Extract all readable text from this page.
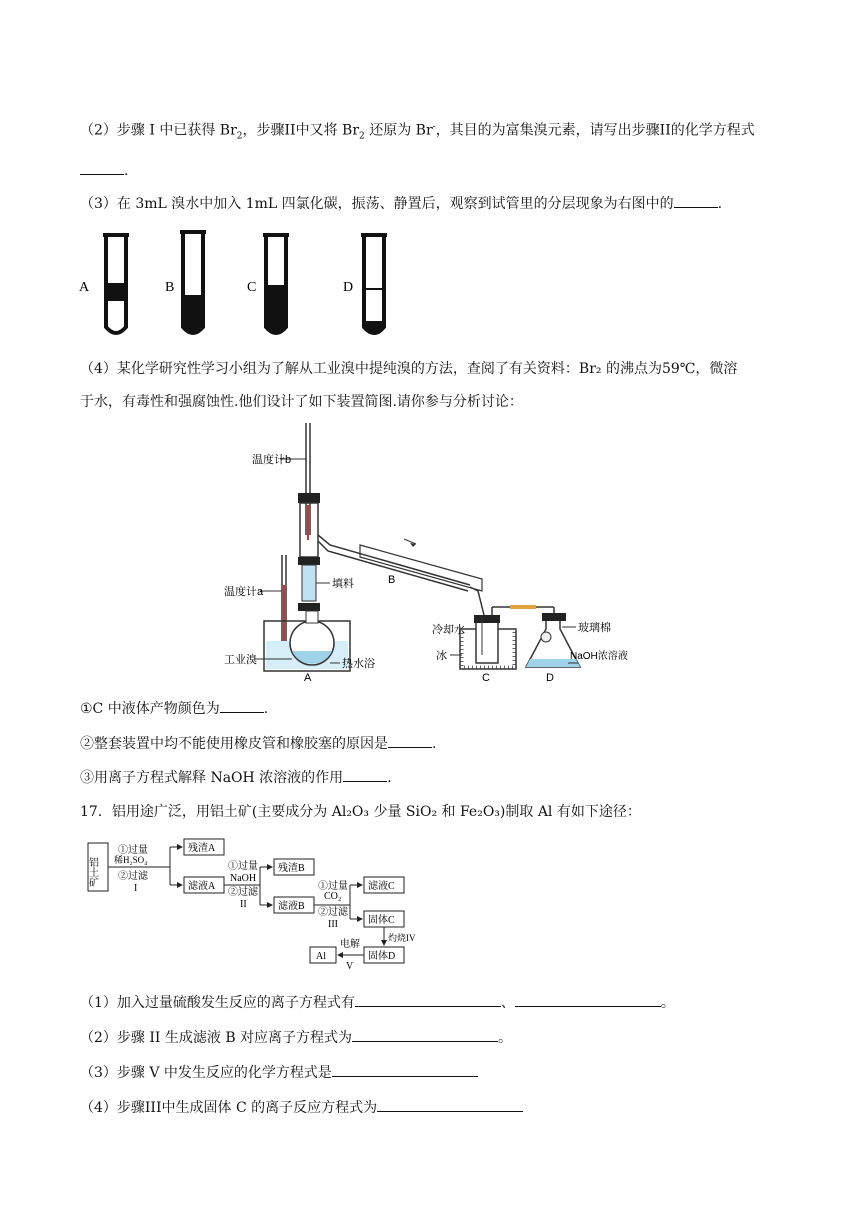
（2）步骤 I 中已获得 $Br_2$，步骤II中又将 $Br_2$ 还原为 Br-，其目的为富集溴元素，请写出步骤II的化学方程式
.
（3）在 3mL 溴水中加入 1mL 四氯化碳，振荡、静置后，观察到试管里的分层现象为右图中的	.
A	B	C	D
（4）某化学研究性学习小组为了解从工业溴中提纯溴的方法，查阅了有关资料：Br₂ 的沸点为59℃，微溶
于水，有毒性和强腐蚀性.他们设计了如下装置简图.请你参与分析讨论：
温度计b
填料	B
冷却水
温度计a
工业溴	热水浴
A
冰
C
玻璃棉
NaOH浓溶液
D
①C 中液体产物颜色为	.
②整套装置中均不能使用橡皮管和橡胶塞的原因是	.
③用离子方程式解释 NaOH 浓溶液的作用	.
17．铝用途广泛，用铝土矿(主要成分为 Al₂O₃ 少量 SiO₂ 和 Fe₂O₃)制取 Al 有如下途径：
铝土矿
①过量
稀H₂SO₄
②过滤
I
残渣A
滤液A
①过量
NaOH
②过滤
II
残渣B
滤液B
①过量
CO₂
②过滤
III
滤液C
固体C
灼烧IV
固体D
电解
V
Al
（1）加入过量硫酸发生反应的离子方程式有	、	。
（2）步骤 II 生成滤液 B 对应离子方程式为	。
（3）步骤 V 中发生反应的化学方程式是
（4）步骤III中生成固体 C 的离子反应方程式为
